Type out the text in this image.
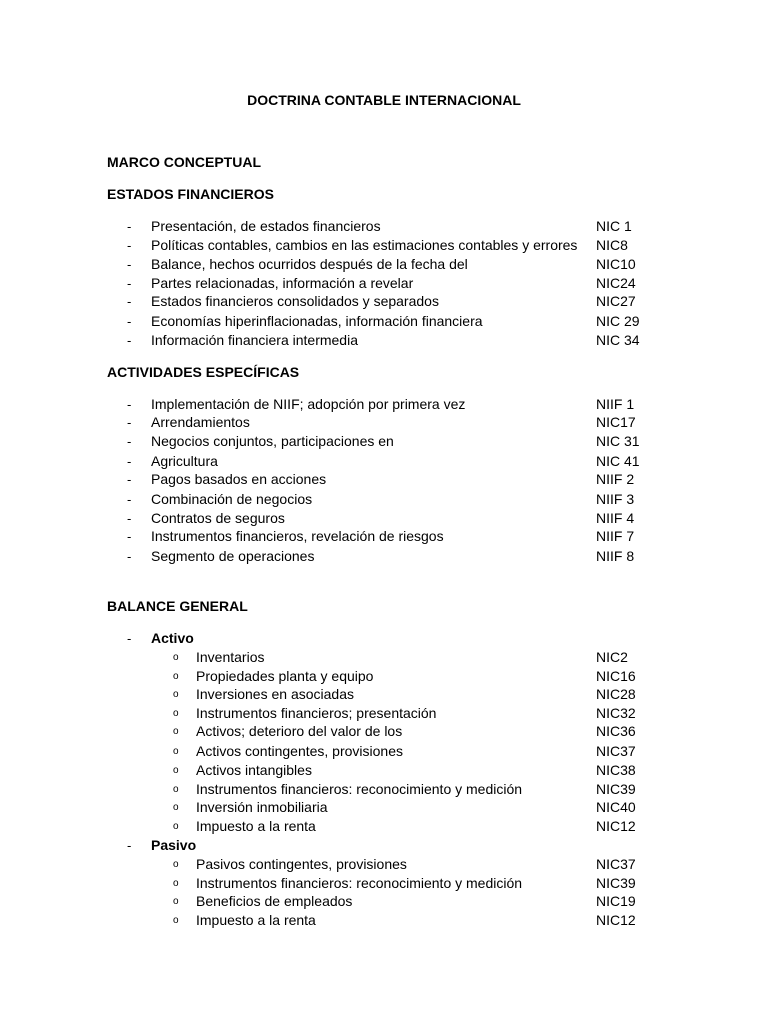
DOCTRINA CONTABLE INTERNACIONAL
MARCO CONCEPTUAL
ESTADOS FINANCIEROS
-	Presentación, de estados financieros	NIC 1
-	Políticas contables, cambios en las estimaciones contables y errores NIC8
-	Balance, hechos ocurridos después de la fecha del	NIC10
-	Partes relacionadas, información a revelar	NIC24
-	Estados financieros consolidados y separados	NIC27
-	Economías hiperinflacionadas, información financiera	NIC 29
-	Información financiera intermedia	NIC 34
ACTIVIDADES ESPECÍFICAS
-	Implementación de NIIF; adopción por primera vez	NIIF 1
-	Arrendamientos	NIC17
-	Negocios conjuntos, participaciones en	NIC 31
-	Agricultura	NIC 41
-	Pagos basados en acciones	NIIF 2
-	Combinación de negocios	NIIF 3
-	Contratos de seguros	NIIF 4
-	Instrumentos financieros, revelación de riesgos	NIIF 7
-	Segmento de operaciones	NIIF 8
BALANCE GENERAL
-	Activo
o Inventarios	NIC2
o Propiedades planta y equipo	NIC16
o Inversiones en asociadas	NIC28
o Instrumentos financieros; presentación	NIC32
o Activos; deterioro del valor de los	NIC36
o Activos contingentes, provisiones	NIC37
o Activos intangibles	NIC38
o Instrumentos financieros: reconocimiento y medición	NIC39
o Inversión inmobiliaria	NIC40
o Impuesto a la renta	NIC12
-	Pasivo
o Pasivos contingentes, provisiones	NIC37
o Instrumentos financieros: reconocimiento y medición	NIC39
o Beneficios de empleados	NIC19
o Impuesto a la renta	NIC12
